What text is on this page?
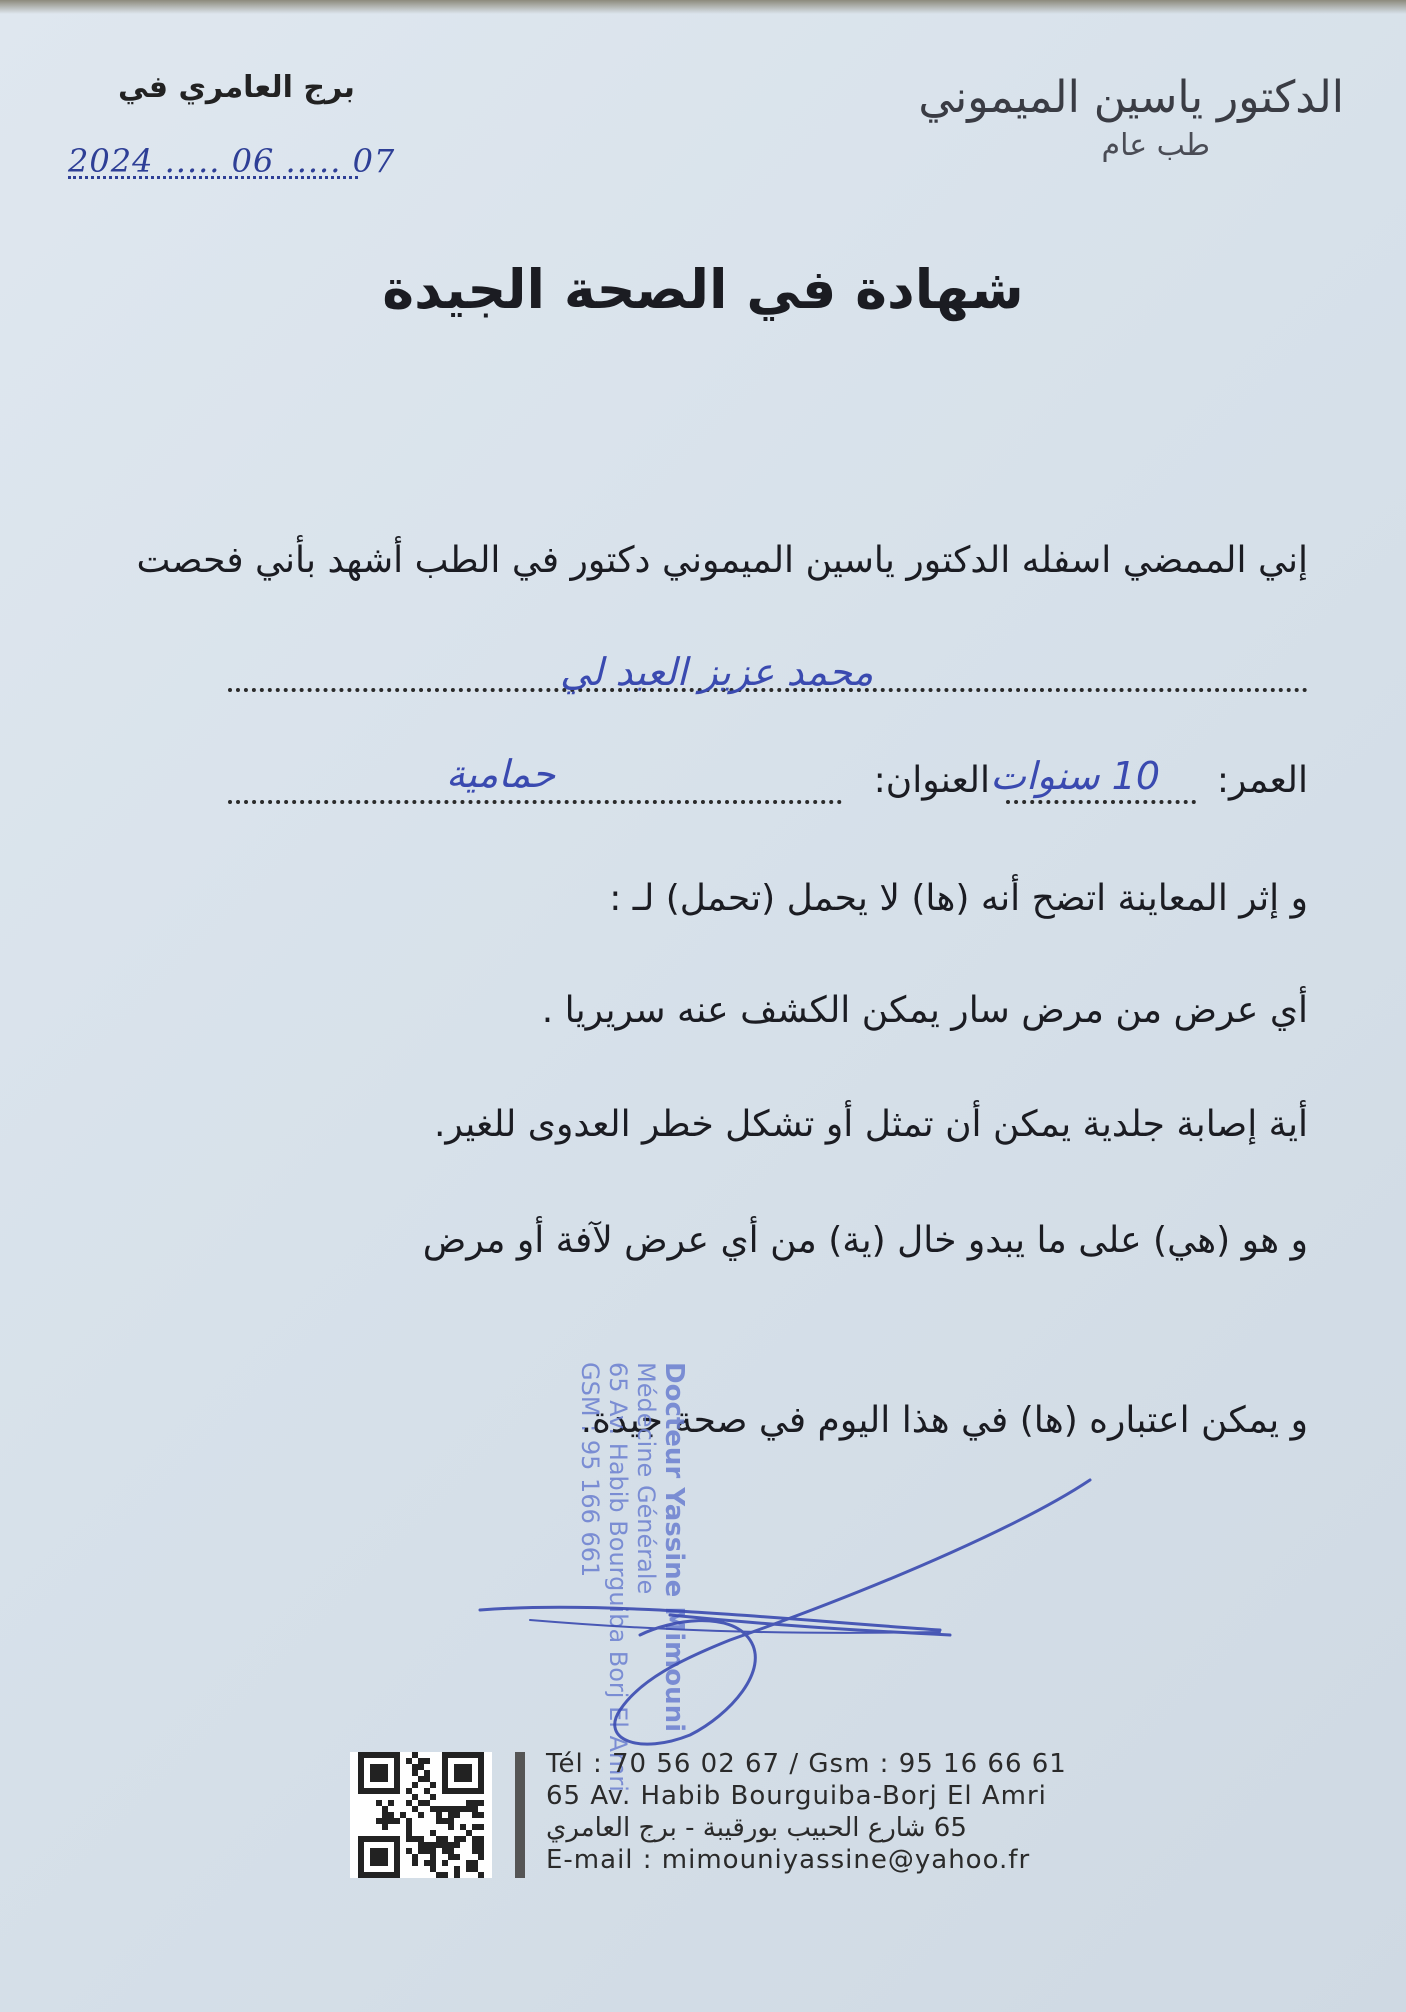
الدكتور ياسين الميموني
طب عام
برج العامري في
2024 ..... 06 ..... 07
شهادة في الصحة الجيدة
إني الممضي اسفله الدكتور ياسين الميموني دكتور في الطب أشهد بأني فحصت
محمد عزيز العبد لي
العمر:
10 سنوات
العنوان:
حمامية
و إثر المعاينة اتضح أنه (ها) لا يحمل (تحمل) لـ :
أي عرض من مرض سار يمكن الكشف عنه سريريا .
أية إصابة جلدية يمكن أن تمثل أو تشكل خطر العدوى للغير.
و هو (هي) على ما يبدو خال (ية) من أي عرض لآفة أو مرض
و يمكن اعتباره (ها) في هذا اليوم في صحة جيدة.
Docteur Yassine Mimouni
Médecine Générale
65 Av. Habib Bourguiba Borj El Amri
GSM : 95 166 661
Tél : 70 56 02 67 / Gsm : 95 16 66 61
65 Av. Habib Bourguiba-Borj El Amri
65 شارع الحبيب بورقيبة - برج العامري
E-mail : mimouniyassine@yahoo.fr
